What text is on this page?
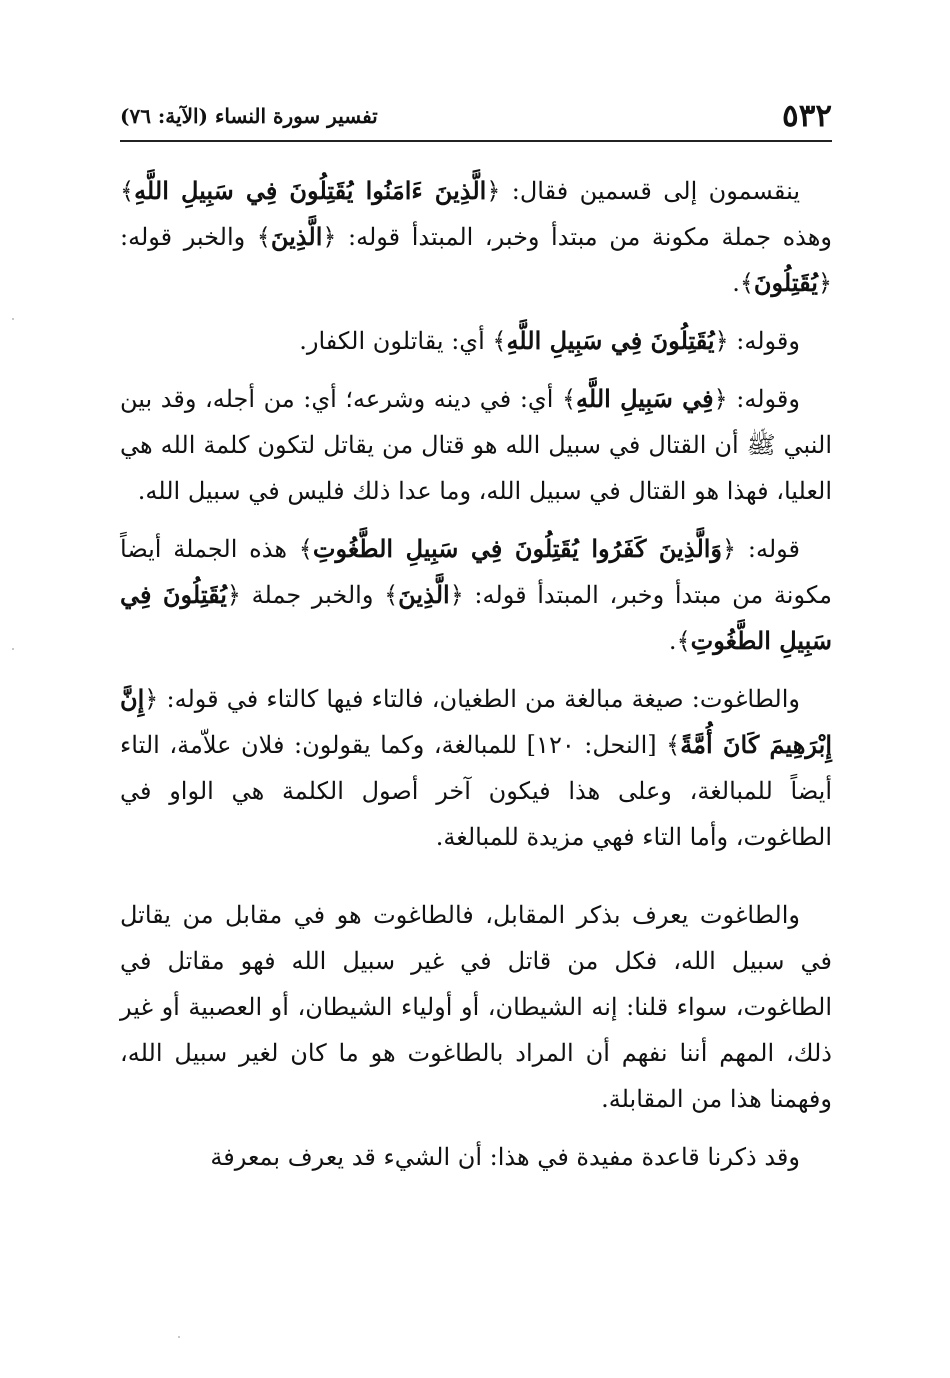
٥٣٢
تفسير سورة النساء (الآية: ٧٦)

ينقسمون إلى قسمين فقال: ﴿الَّذِينَ ءَامَنُوا يُقَتِلُونَ فِي سَبِيلِ اللَّهِ﴾ وهذه جملة مكونة من مبتدأ وخبر، المبتدأ قوله: ﴿الَّذِينَ﴾ والخبر قوله: ﴿يُقَتِلُونَ﴾.

وقوله: ﴿يُقَتِلُونَ فِي سَبِيلِ اللَّهِ﴾ أي: يقاتلون الكفار.

وقوله: ﴿فِي سَبِيلِ اللَّهِ﴾ أي: في دينه وشرعه؛ أي: من أجله، وقد بين النبي ﷺ أن القتال في سبيل الله هو قتال من يقاتل لتكون كلمة الله هي العليا، فهذا هو القتال في سبيل الله، وما عدا ذلك فليس في سبيل الله.

قوله: ﴿وَالَّذِينَ كَفَرُوا يُقَتِلُونَ فِي سَبِيلِ الطَّغُوتِ﴾ هذه الجملة أيضاً مكونة من مبتدأ وخبر، المبتدأ قوله: ﴿الَّذِينَ﴾ والخبر جملة ﴿يُقَتِلُونَ فِي سَبِيلِ الطَّغُوتِ﴾.

والطاغوت: صيغة مبالغة من الطغيان، فالتاء فيها كالتاء في قوله: ﴿إِنَّ إِبْرَهِيمَ كَانَ أُمَّةً﴾ [النحل: ١٢٠] للمبالغة، وكما يقولون: فلان علاّمة، التاء أيضاً للمبالغة، وعلى هذا فيكون آخر أصول الكلمة هي الواو في الطاغوت، وأما التاء فهي مزيدة للمبالغة.

والطاغوت يعرف بذكر المقابل، فالطاغوت هو في مقابل من يقاتل في سبيل الله، فكل من قاتل في غير سبيل الله فهو مقاتل في الطاغوت، سواء قلنا: إنه الشيطان، أو أولياء الشيطان، أو العصبية أو غير ذلك، المهم أننا نفهم أن المراد بالطاغوت هو ما كان لغير سبيل الله، وفهمنا هذا من المقابلة.

وقد ذكرنا قاعدة مفيدة في هذا: أن الشيء قد يعرف بمعرفة
